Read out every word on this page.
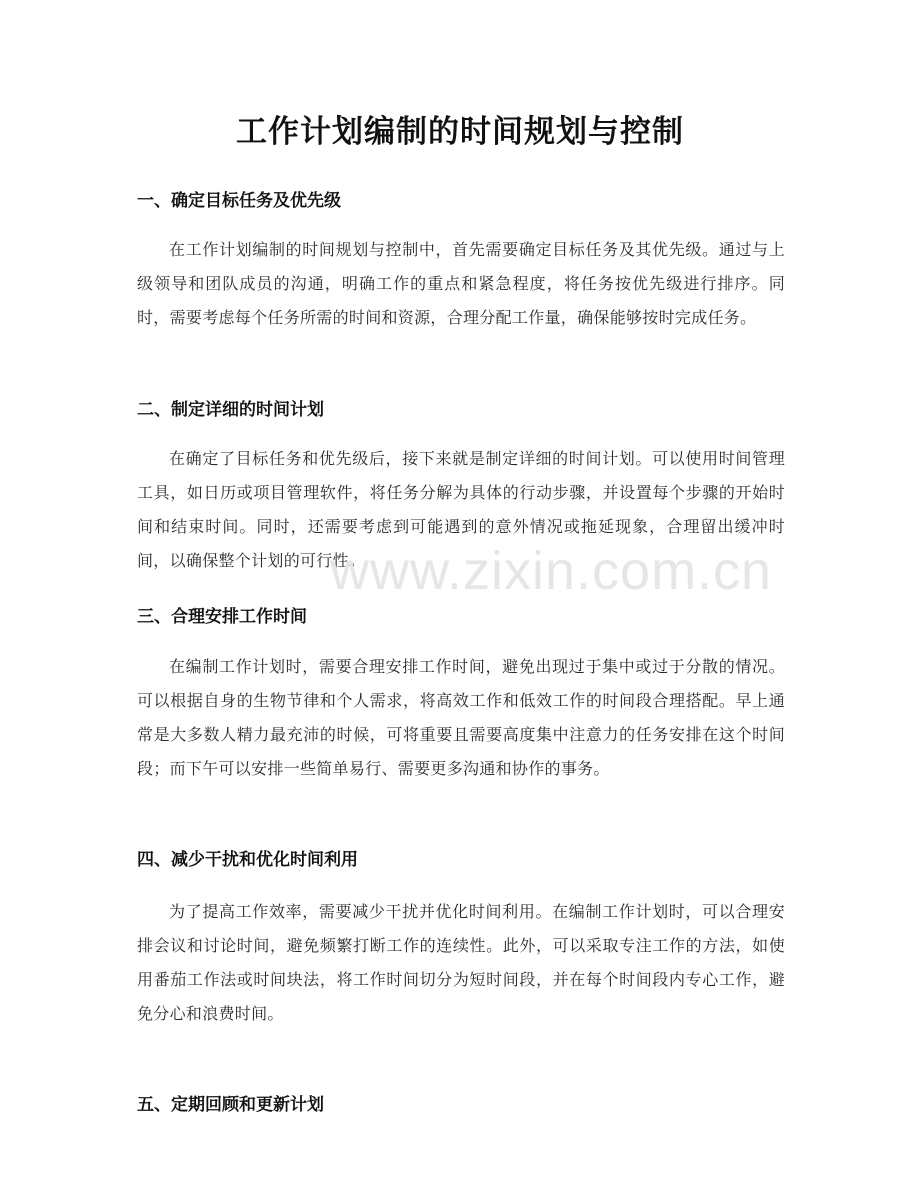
工作计划编制的时间规划与控制
一、确定目标任务及优先级
在工作计划编制的时间规划与控制中，首先需要确定目标任务及其优先级。通过与上级领导和团队成员的沟通，明确工作的重点和紧急程度，将任务按优先级进行排序。同时，需要考虑每个任务所需的时间和资源，合理分配工作量，确保能够按时完成任务。
二、制定详细的时间计划
在确定了目标任务和优先级后，接下来就是制定详细的时间计划。可以使用时间管理工具，如日历或项目管理软件，将任务分解为具体的行动步骤，并设置每个步骤的开始时间和结束时间。同时，还需要考虑到可能遇到的意外情况或拖延现象，合理留出缓冲时间，以确保整个计划的可行性。
三、合理安排工作时间
在编制工作计划时，需要合理安排工作时间，避免出现过于集中或过于分散的情况。可以根据自身的生物节律和个人需求，将高效工作和低效工作的时间段合理搭配。早上通常是大多数人精力最充沛的时候，可将重要且需要高度集中注意力的任务安排在这个时间段；而下午可以安排一些简单易行、需要更多沟通和协作的事务。
四、减少干扰和优化时间利用
为了提高工作效率，需要减少干扰并优化时间利用。在编制工作计划时，可以合理安排会议和讨论时间，避免频繁打断工作的连续性。此外，可以采取专注工作的方法，如使用番茄工作法或时间块法，将工作时间切分为短时间段，并在每个时间段内专心工作，避免分心和浪费时间。
五、定期回顾和更新计划
www.zixin.com.cn
